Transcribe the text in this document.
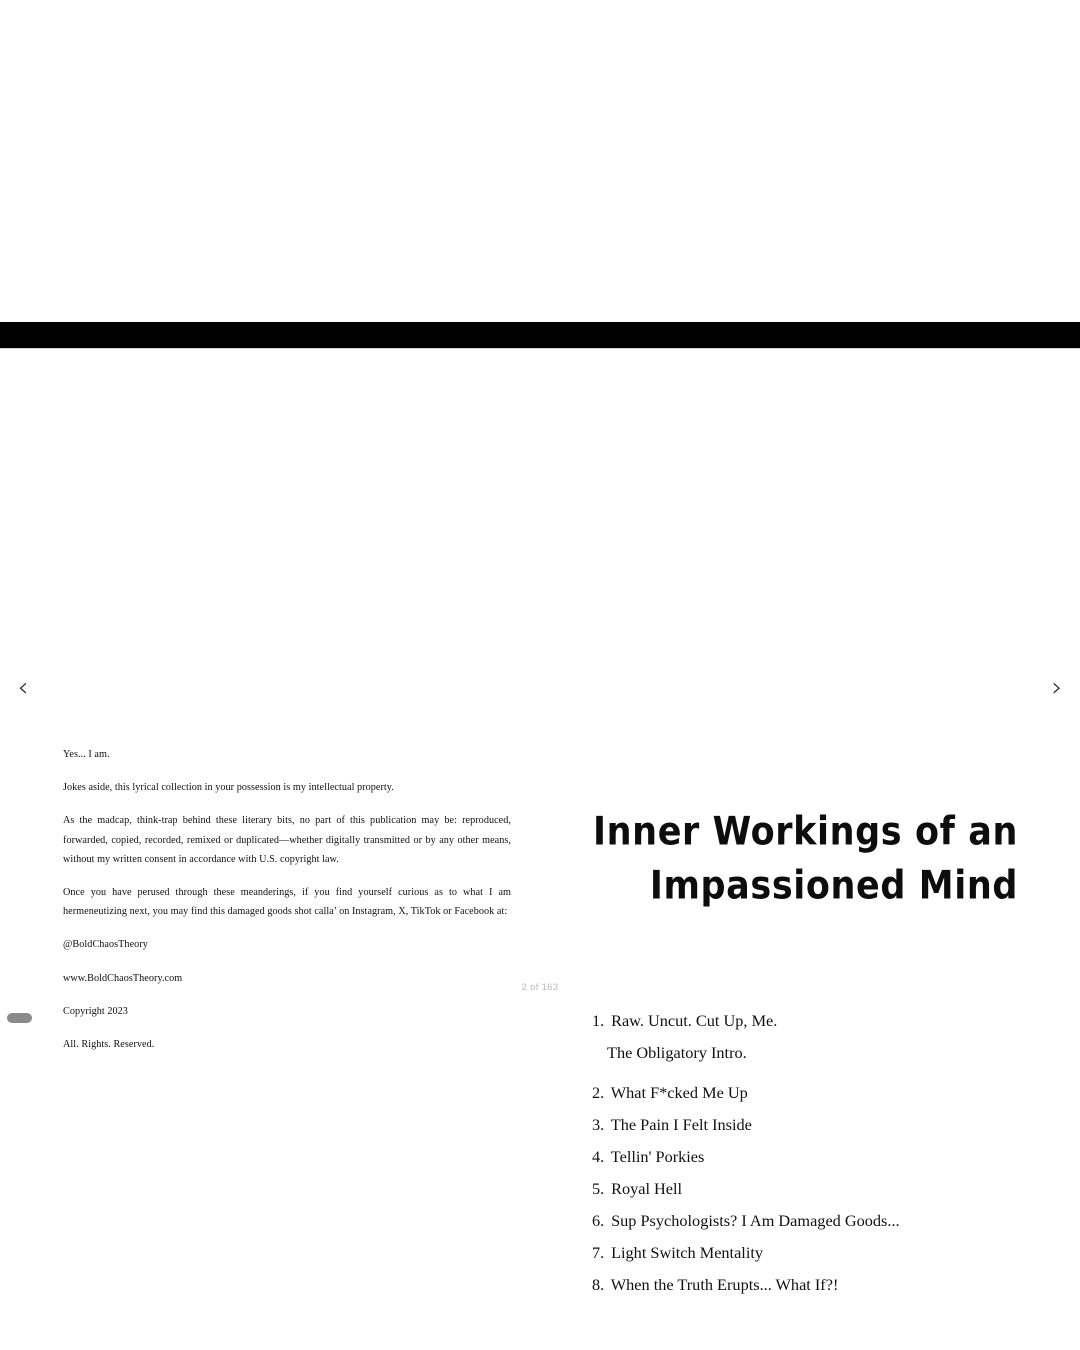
Yes... I am.

Jokes aside, this lyrical collection in your possession is my intellectual property.

As the madcap, think-trap behind these literary bits, no part of this publication may be: reproduced, forwarded, copied, recorded, remixed or duplicated—whether digitally transmitted or by any other means, without my written consent in accordance with U.S. copyright law.

Once you have perused through these meanderings, if you find yourself curious as to what I am hermeneutizing next, you may find this damaged goods shot calla’ on Instagram, X, TikTok or Facebook at:

@BoldChaosTheory

www.BoldChaosTheory.com

Copyright 2023

All. Rights. Reserved.

Inner Workings of an Impassioned Mind
1. Raw. Uncut. Cut Up, Me.
The Obligatory Intro.
2. What F*cked Me Up
3. The Pain I Felt Inside
4. Tellin' Porkies
5. Royal Hell
6. Sup Psychologists? I Am Damaged Goods...
7. Light Switch Mentality
8. When the Truth Erupts... What If?!
‹	›
2 of 163
